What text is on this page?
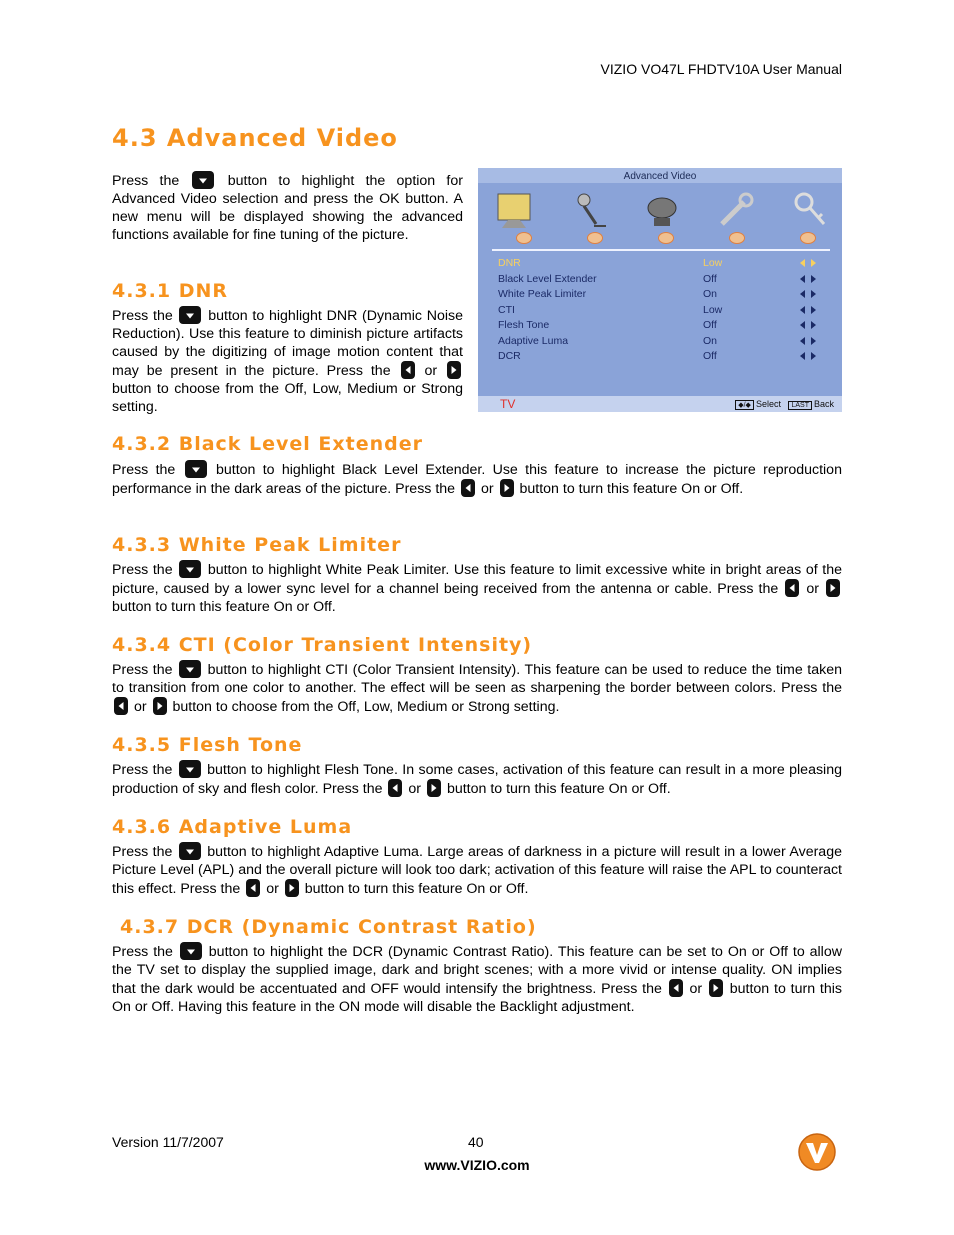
VIZIO VO47L FHDTV10A User Manual
4.3 Advanced Video
Press the	button to highlight the option for Advanced Video selection and press the OK button. A new menu will be displayed showing the advanced functions available for fine tuning of the picture.
Advanced Video
DNR	Low
Black Level Extender	Off
White Peak Limiter	On
CTI	Low
Flesh Tone	Off
Adaptive Luma	On
DCR	Off
TV	◆/◆ Select LAST Back
4.3.1 DNR
Press the	button to highlight DNR (Dynamic Noise Reduction). Use this feature to diminish picture artifacts caused by the digitizing of image motion content that may be present in the picture. Press the or  button to choose from the Off, Low, Medium or Strong setting.
4.3.2 Black Level Extender
Press the	button to highlight Black Level Extender. Use this feature to increase the picture reproduction performance in the dark areas of the picture. Press the or button to turn this feature On or Off.
4.3.3 White Peak Limiter
Press the button to highlight White Peak Limiter. Use this feature to limit excessive white in bright areas of the picture, caused by a lower sync level for a channel being received from the antenna or cable. Press the or  button to turn this feature On or Off.
4.3.4 CTI (Color Transient Intensity)
Press the button to highlight CTI (Color Transient Intensity). This feature can be used to reduce the time taken to transition from one color to another. The effect will be seen as sharpening the border between colors. Press the  or button to choose from the Off, Low, Medium or Strong setting.
4.3.5 Flesh Tone
Press the button to highlight Flesh Tone. In some cases, activation of this feature can result in a more pleasing production of sky and flesh color. Press the or button to turn this feature On or Off.
4.3.6 Adaptive Luma
Press the button to highlight Adaptive Luma. Large areas of darkness in a picture will result in a lower Average Picture Level (APL) and the overall picture will look too dark; activation of this feature will raise the APL to counteract this effect. Press the or button to turn this feature On or Off.
4.3.7 DCR (Dynamic Contrast Ratio)
Press the	button to highlight the DCR (Dynamic Contrast Ratio). This feature can be set to On or Off to allow the TV set to display the supplied image, dark and bright scenes; with a more vivid or intense quality. ON implies that the dark would be accentuated and OFF would intensify the brightness. Press the or button to turn this On or Off. Having this feature in the ON mode will disable the Backlight adjustment.
Version 11/7/2007	40
www.VIZIO.com
